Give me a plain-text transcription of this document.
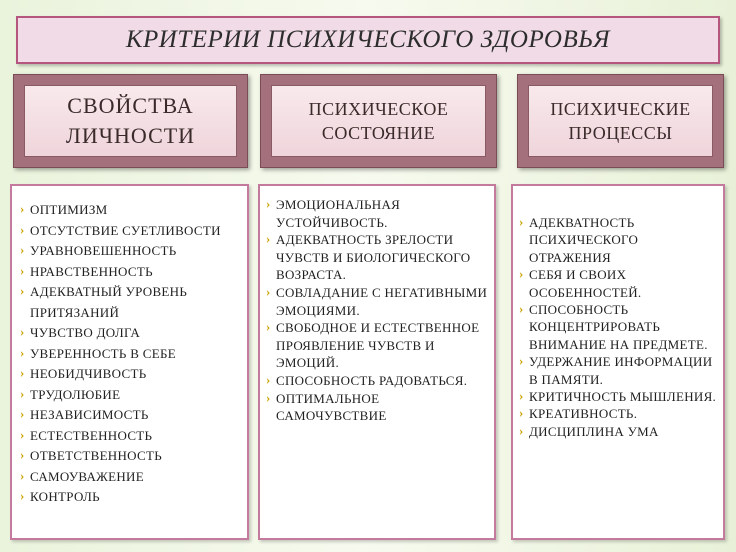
КРИТЕРИИ ПСИХИЧЕСКОГО ЗДОРОВЬЯ
СВОЙСТВА ЛИЧНОСТИ
ПСИХИЧЕСКОЕ СОСТОЯНИЕ
ПСИХИЧЕСКИЕ ПРОЦЕССЫ
› ОПТИМИЗМ
› ОТСУТСТВИЕ СУЕТЛИВОСТИ
› УРАВНОВЕШЕННОСТЬ
› НРАВСТВЕННОСТЬ
› АДЕКВАТНЫЙ УРОВЕНЬ ПРИТЯЗАНИЙ
› ЧУВСТВО ДОЛГА
› УВЕРЕННОСТЬ В СЕБЕ
› НЕОБИДЧИВОСТЬ
› ТРУДОЛЮБИЕ
› НЕЗАВИСИМОСТЬ
› ЕСТЕСТВЕННОСТЬ
› ОТВЕТСТВЕННОСТЬ
› САМОУВАЖЕНИЕ
› КОНТРОЛЬ
› ЭМОЦИОНАЛЬНАЯ УСТОЙЧИВОСТЬ.
› АДЕКВАТНОСТЬ ЗРЕЛОСТИ ЧУВСТВ И БИОЛОГИЧЕСКОГО ВОЗРАСТА.
› СОВЛАДАНИЕ С НЕГАТИВНЫМИ ЭМОЦИЯМИ.
› СВОБОДНОЕ И ЕСТЕСТВЕННОЕ ПРОЯВЛЕНИЕ ЧУВСТВ И ЭМОЦИЙ.
› СПОСОБНОСТЬ РАДОВАТЬСЯ.
› ОПТИМАЛЬНОЕ САМОЧУВСТВИЕ
› АДЕКВАТНОСТЬ ПСИХИЧЕСКОГО ОТРАЖЕНИЯ
› СЕБЯ И СВОИХ ОСОБЕННОСТЕЙ.
› СПОСОБНОСТЬ КОНЦЕНТРИРОВАТЬ ВНИМАНИЕ НА ПРЕДМЕТЕ.
› УДЕРЖАНИЕ ИНФОРМАЦИИ В ПАМЯТИ.
› КРИТИЧНОСТЬ МЫШЛЕНИЯ.
› КРЕАТИВНОСТЬ.
› ДИСЦИПЛИНА УМА
